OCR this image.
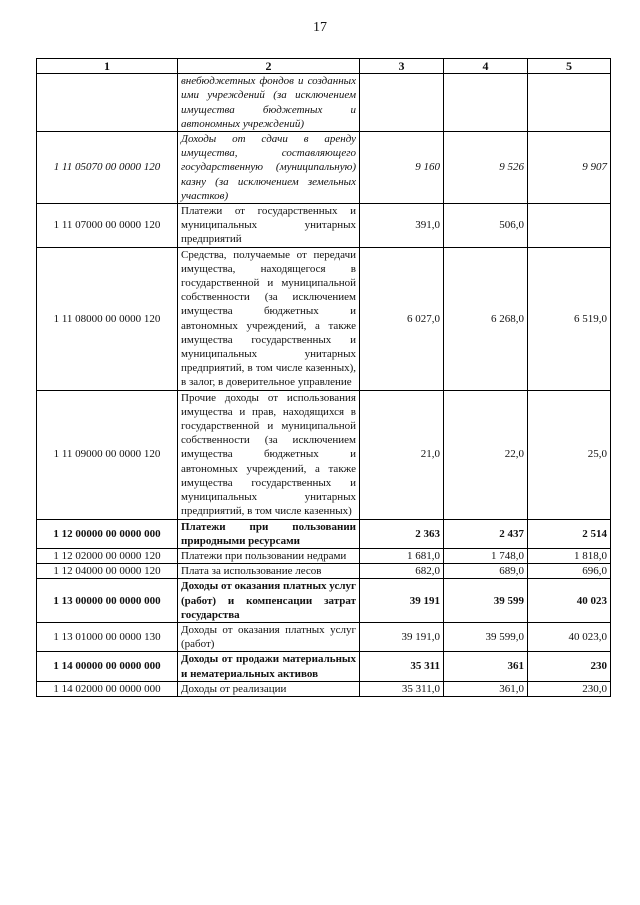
17
1	2	3	4	5
	внебюджетных фондов и созданных ими учреждений (за исключением имущества бюджетных и автономных учреждений)			
1 11 05070 00 0000 120	Доходы от сдачи в аренду имущества, составляющего государственную (муниципальную) казну (за исключением земельных участков)	9 160	9 526	9 907
1 11 07000 00 0000 120	Платежи от государственных и муниципальных унитарных предприятий	391,0	506,0	
1 11 08000 00 0000 120	Средства, получаемые от передачи имущества, находящегося в государственной и муниципальной собственности (за исключением имущества бюджетных и автономных учреждений, а также имущества государственных и муниципальных унитарных предприятий, в том числе казенных), в залог, в доверительное управление	6 027,0	6 268,0	6 519,0
1 11 09000 00 0000 120	Прочие доходы от использования имущества и прав, находящихся в государственной и муниципальной собственности (за исключением имущества бюджетных и автономных учреждений, а также имущества государственных и муниципальных унитарных предприятий, в том числе казенных)	21,0	22,0	25,0
1 12 00000 00 0000 000	Платежи при пользовании природными ресурсами	2 363	2 437	2 514
1 12 02000 00 0000 120	Платежи при пользовании недрами	1 681,0	1 748,0	1 818,0
1 12 04000 00 0000 120	Плата за использование лесов	682,0	689,0	696,0
1 13 00000 00 0000 000	Доходы от оказания платных услуг (работ) и компенсации затрат государства	39 191	39 599	40 023
1 13 01000 00 0000 130	Доходы от оказания платных услуг (работ)	39 191,0	39 599,0	40 023,0
1 14 00000 00 0000 000	Доходы от продажи материальных и нематериальных активов	35 311	361	230
1 14 02000 00 0000 000	Доходы от реализации	35 311,0	361,0	230,0
